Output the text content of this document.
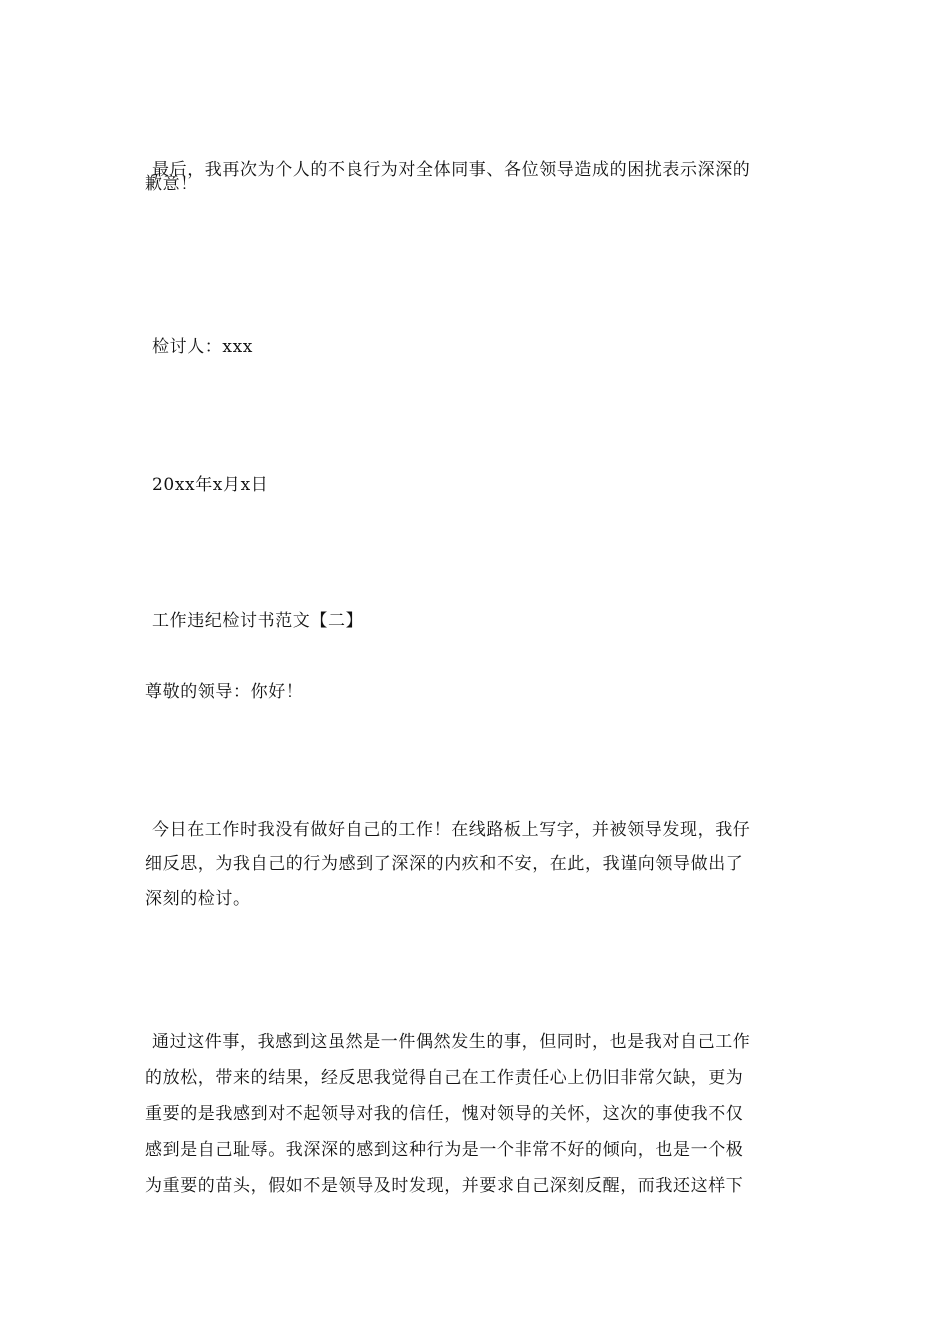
最后，我再次为个人的不良行为对全体同事、各位领导造成的困扰表示深深的

歉意！

检讨人：xxx

20xx年x月x日

工作违纪检讨书范文【二】

尊敬的领导：你好！

今日在工作时我没有做好自己的工作！在线路板上写字，并被领导发现，我仔

细反思，为我自己的行为感到了深深的内疚和不安，在此，我谨向领导做出了

深刻的检讨。

通过这件事，我感到这虽然是一件偶然发生的事，但同时，也是我对自己工作

的放松，带来的结果，经反思我觉得自己在工作责任心上仍旧非常欠缺，更为

重要的是我感到对不起领导对我的信任，愧对领导的关怀，这次的事使我不仅

感到是自己耻辱。我深深的感到这种行为是一个非常不好的倾向，也是一个极

为重要的苗头，假如不是领导及时发现，并要求自己深刻反醒，而我还这样下
